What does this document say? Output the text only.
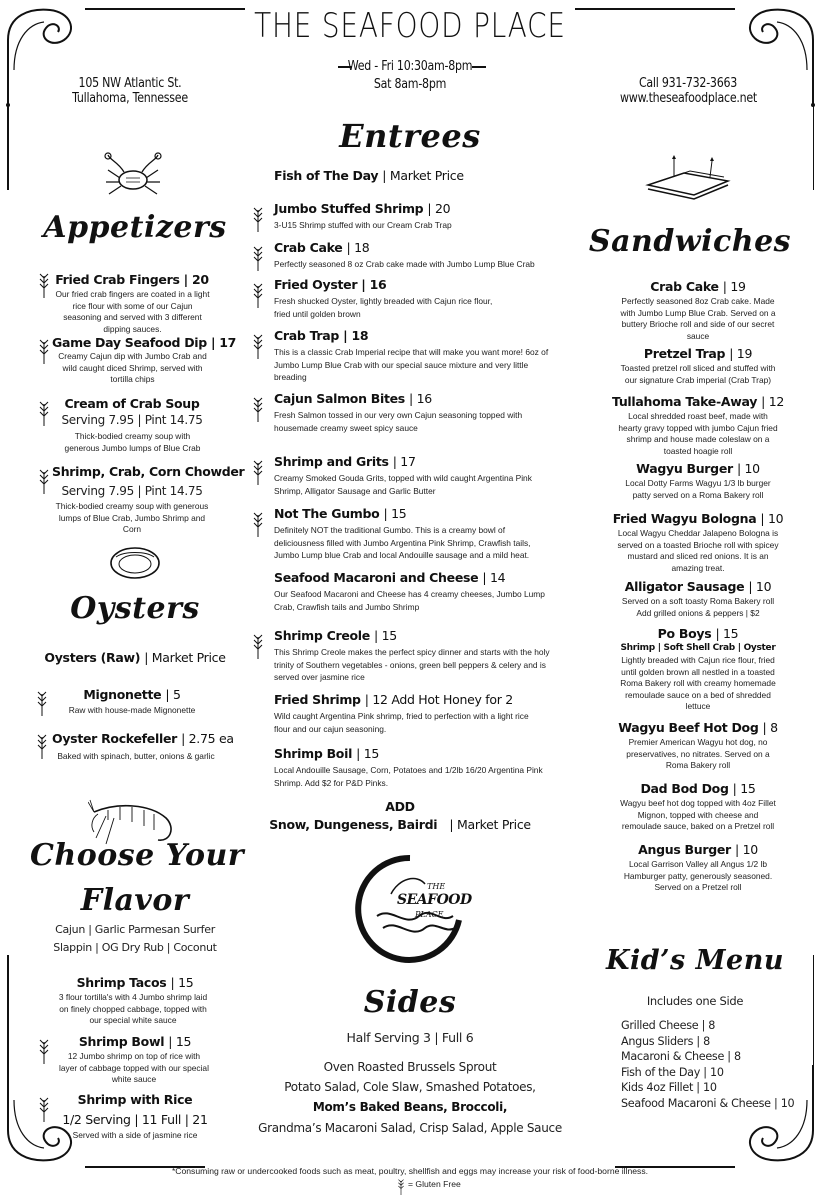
THE SEAFOOD PLACE
Wed - Fri 10:30am-8pm
Sat 8am-8pm
105 NW Atlantic St.
Tullahoma, Tennessee
Call 931-732-3663
www.theseafoodplace.net
Appetizers
Fried Crab Fingers | 20
Our fried crab fingers are coated in a light rice flour with some of our Cajun seasoning and served with 3 different dipping sauces.
Game Day Seafood Dip | 17
Creamy Cajun dip with Jumbo Crab and wild caught diced Shrimp, served with tortilla chips
Cream of Crab Soup
Serving 7.95 | Pint 14.75
Thick-bodied creamy soup with generous Jumbo lumps of Blue Crab
Shrimp, Crab, Corn Chowder
Serving 7.95 | Pint 14.75
Thick-bodied creamy soup with generous lumps of Blue Crab, Jumbo Shrimp and Corn
Oysters
Oysters (Raw) | Market Price
Mignonette | 5
Raw with house-made Mignonette
Oyster Rockefeller | 2.75 ea
Baked with spinach, butter, onions & garlic
Choose Your
Flavor
Cajun | Garlic Parmesan Surfer
Slappin | OG Dry Rub | Coconut
Shrimp Tacos | 15
3 flour tortilla's with 4 Jumbo shrimp laid on finely chopped cabbage, topped with our special white sauce
Shrimp Bowl | 15
12 Jumbo shrimp on top of rice with layer of cabbage topped with our special white sauce
Shrimp with Rice
1/2 Serving | 11 Full | 21
Served with a side of jasmine rice
Entrees
Fish of The Day | Market Price
Jumbo Stuffed Shrimp | 20
3-U15 Shrimp stuffed with our Cream Crab Trap
Crab Cake | 18
Perfectly seasoned 8 oz Crab cake made with Jumbo Lump Blue Crab
Fried Oyster | 16
Fresh shucked Oyster, lightly breaded with Cajun rice flour, fried until golden brown
Crab Trap | 18
This is a classic Crab Imperial recipe that will make you want more! 6oz of Jumbo Lump Blue Crab with our special sauce mixture and very little breading
Cajun Salmon Bites | 16
Fresh Salmon tossed in our very own Cajun seasoning topped with housemade creamy sweet spicy sauce
Shrimp and Grits | 17
Creamy Smoked Gouda Grits, topped with wild caught Argentina Pink Shrimp, Alligator Sausage and Garlic Butter
Not The Gumbo | 15
Definitely NOT the traditional Gumbo. This is a creamy bowl of deliciousness filled with Jumbo Argentina Pink Shrimp, Crawfish tails, Jumbo Lump blue Crab and local Andouille sausage and a mild heat.
Seafood Macaroni and Cheese | 14
Our Seafood Macaroni and Cheese has 4 creamy cheeses, Jumbo Lump Crab, Crawfish tails and Jumbo Shrimp
Shrimp Creole | 15
This Shrimp Creole makes the perfect spicy dinner and starts with the holy trinity of Southern vegetables - onions, green bell peppers & celery and is served over jasmine rice
Fried Shrimp | 12 Add Hot Honey for 2
Wild caught Argentina Pink shrimp, fried to perfection with a light rice flour and our cajun seasoning.
Shrimp Boil | 15
Local Andouille Sausage, Corn, Potatoes and 1/2lb 16/20 Argentina Pink Shrimp. Add $2 for P&D Pinks.
ADD
Snow, Dungeness, Bairdi | Market Price
THE
SEAFOOD
PLACE
Sides
Half Serving 3 | Full 6
Oven Roasted Brussels Sprout
Potato Salad, Cole Slaw, Smashed Potatoes,
Mom’s Baked Beans, Broccoli,
Grandma’s Macaroni Salad, Crisp Salad, Apple Sauce
Sandwiches
Crab Cake | 19
Perfectly seasoned 8oz Crab cake. Made with Jumbo Lump Blue Crab. Served on a buttery Brioche roll and side of our secret sauce
Pretzel Trap | 19
Toasted pretzel roll sliced and stuffed with our signature Crab imperial (Crab Trap)
Tullahoma Take-Away | 12
Local shredded roast beef, made with hearty gravy topped with jumbo Cajun fried shrimp and house made coleslaw on a toasted hoagie roll
Wagyu Burger | 10
Local Dotty Farms Wagyu 1/3 lb burger patty served on a Roma Bakery roll
Fried Wagyu Bologna | 10
Local Wagyu Cheddar Jalapeno Bologna is served on a toasted Brioche roll with spicey mustard and sliced red onions. It is an amazing treat.
Alligator Sausage | 10
Served on a soft toasty Roma Bakery roll Add grilled onions & peppers | $2
Po Boys | 15
Shrimp | Soft Shell Crab | Oyster
Lightly breaded with Cajun rice flour, fried until golden brown all nestled in a toasted Roma Bakery roll with creamy homemade remoulade sauce on a bed of shredded lettuce
Wagyu Beef Hot Dog | 8
Premier American Wagyu hot dog, no preservatives, no nitrates. Served on a Roma Bakery roll
Dad Bod Dog | 15
Wagyu beef hot dog topped with 4oz Fillet Mignon, topped with cheese and remoulade sauce, baked on a Pretzel roll
Angus Burger | 10
Local Garrison Valley all Angus 1/2 lb Hamburger patty, generously seasoned. Served on a Pretzel roll
Kid’s Menu
Includes one Side
Grilled Cheese | 8
Angus Sliders | 8
Macaroni & Cheese | 8
Fish of the Day | 10
Kids 4oz Fillet | 10
Seafood Macaroni & Cheese | 10
*Consuming raw or undercooked foods such as meat, poultry, shellfish and eggs may increase your risk of food-borne illness.
= Gluten Free
